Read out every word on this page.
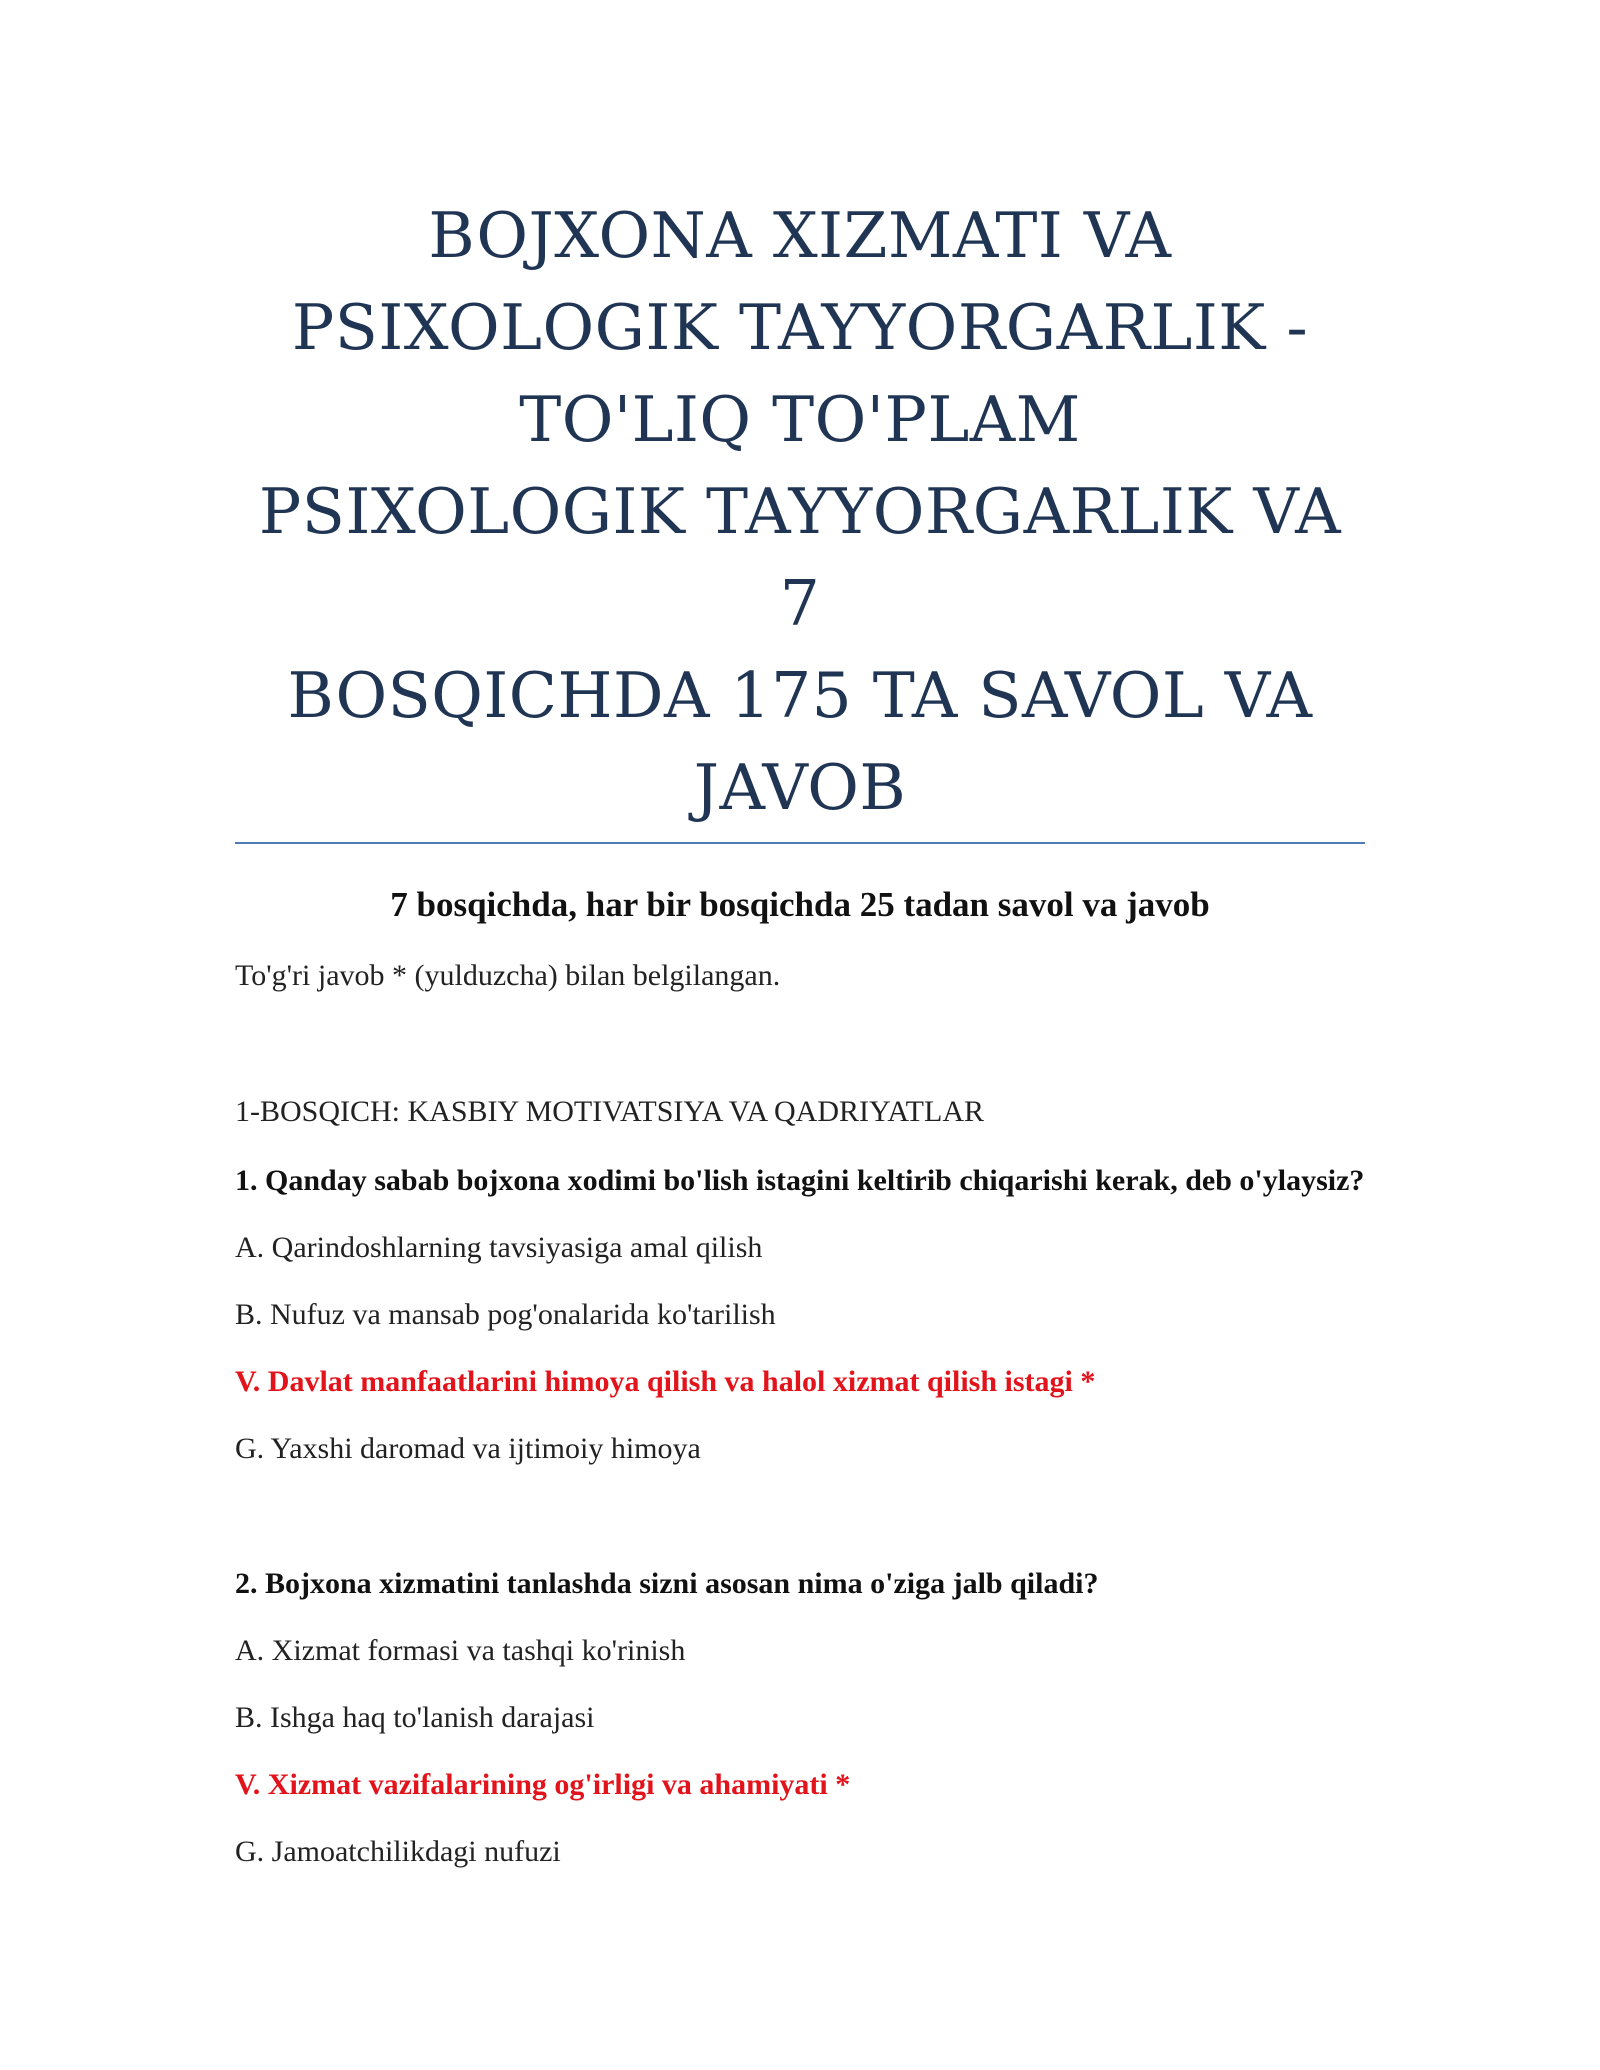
BOJXONA XIZMATI VA
PSIXOLOGIK TAYYORGARLIK -
TO'LIQ TO'PLAM
PSIXOLOGIK TAYYORGARLIK VA 7
BOSQICHDA 175 TA SAVOL VA
JAVOB

7 bosqichda, har bir bosqichda 25 tadan savol va javob

To'g'ri javob * (yulduzcha) bilan belgilangan.

1-BOSQICH: KASBIY MOTIVATSIYA VA QADRIYATLAR

1. Qanday sabab bojxona xodimi bo'lish istagini keltirib chiqarishi kerak, deb o'ylaysiz?

A. Qarindoshlarning tavsiyasiga amal qilish

B. Nufuz va mansab pog'onalarida ko'tarilish

V. Davlat manfaatlarini himoya qilish va halol xizmat qilish istagi *

G. Yaxshi daromad va ijtimoiy himoya

2. Bojxona xizmatini tanlashda sizni asosan nima o'ziga jalb qiladi?

A. Xizmat formasi va tashqi ko'rinish

B. Ishga haq to'lanish darajasi

V. Xizmat vazifalarining og'irligi va ahamiyati *

G. Jamoatchilikdagi nufuzi
